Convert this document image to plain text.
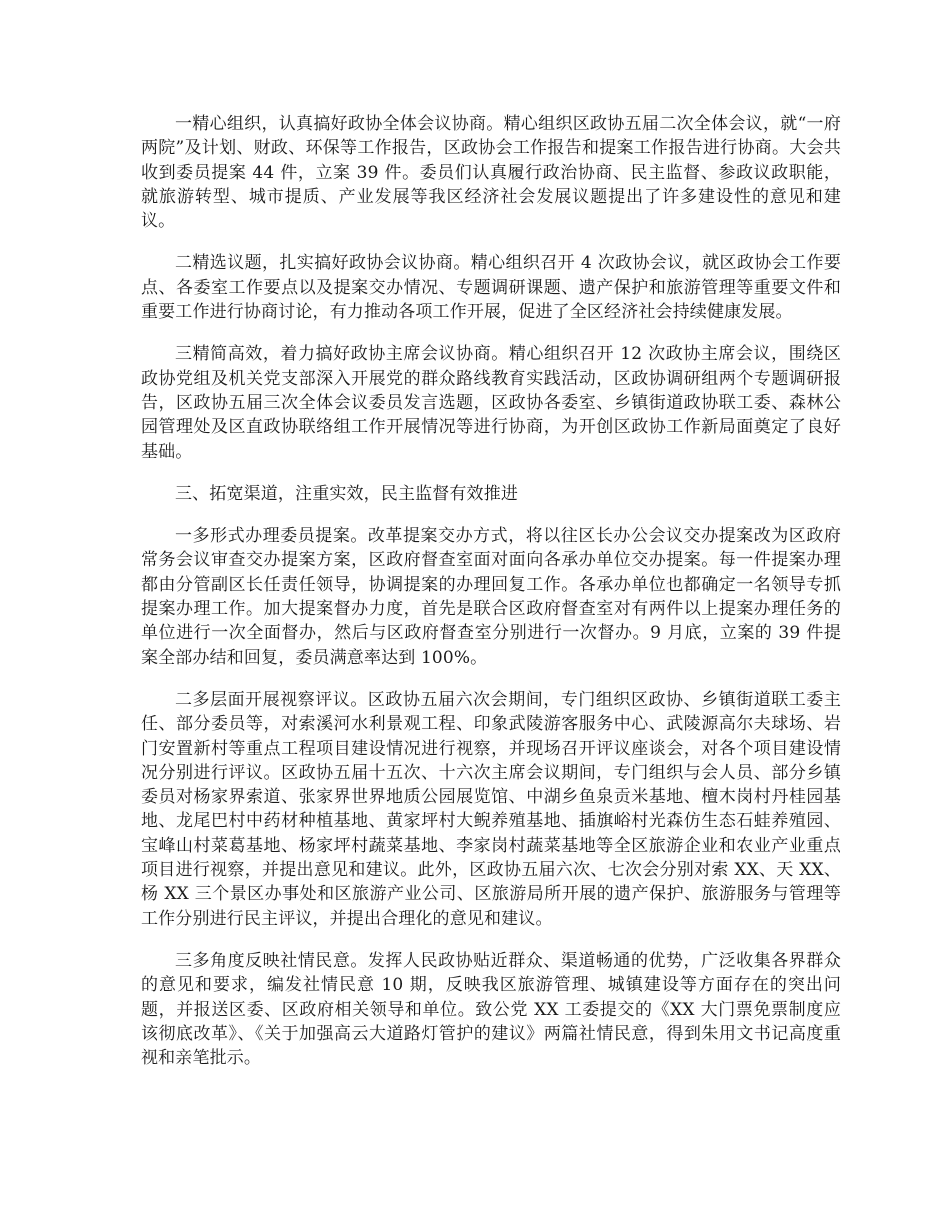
一精心组织，认真搞好政协全体会议协商。精心组织区政协五届二次全体会议，就“一府两院”及计划、财政、环保等工作报告，区政协会工作报告和提案工作报告进行协商。大会共收到委员提案 44 件，立案 39 件。委员们认真履行政治协商、民主监督、参政议政职能，就旅游转型、城市提质、产业发展等我区经济社会发展议题提出了许多建设性的意见和建议。

二精选议题，扎实搞好政协会议协商。精心组织召开 4 次政协会议，就区政协会工作要点、各委室工作要点以及提案交办情况、专题调研课题、遗产保护和旅游管理等重要文件和重要工作进行协商讨论，有力推动各项工作开展，促进了全区经济社会持续健康发展。

三精简高效，着力搞好政协主席会议协商。精心组织召开 12 次政协主席会议，围绕区政协党组及机关党支部深入开展党的群众路线教育实践活动，区政协调研组两个专题调研报告，区政协五届三次全体会议委员发言选题，区政协各委室、乡镇街道政协联工委、森林公园管理处及区直政协联络组工作开展情况等进行协商，为开创区政协工作新局面奠定了良好基础。

三、拓宽渠道，注重实效，民主监督有效推进

一多形式办理委员提案。改革提案交办方式，将以往区长办公会议交办提案改为区政府常务会议审查交办提案方案，区政府督查室面对面向各承办单位交办提案。每一件提案办理都由分管副区长任责任领导，协调提案的办理回复工作。各承办单位也都确定一名领导专抓提案办理工作。加大提案督办力度，首先是联合区政府督查室对有两件以上提案办理任务的单位进行一次全面督办，然后与区政府督查室分别进行一次督办。9 月底，立案的 39 件提案全部办结和回复，委员满意率达到 100%。

二多层面开展视察评议。区政协五届六次会期间，专门组织区政协、乡镇街道联工委主任、部分委员等，对索溪河水利景观工程、印象武陵游客服务中心、武陵源高尔夫球场、岩门安置新村等重点工程项目建设情况进行视察，并现场召开评议座谈会，对各个项目建设情况分别进行评议。区政协五届十五次、十六次主席会议期间，专门组织与会人员、部分乡镇委员对杨家界索道、张家界世界地质公园展览馆、中湖乡鱼泉贡米基地、檀木岗村丹桂园基地、龙尾巴村中药材种植基地、黄家坪村大鲵养殖基地、插旗峪村光森仿生态石蛙养殖园、宝峰山村菜葛基地、杨家坪村蔬菜基地、李家岗村蔬菜基地等全区旅游企业和农业产业重点项目进行视察，并提出意见和建议。此外，区政协五届六次、七次会分别对索 XX、天 XX、杨 XX 三个景区办事处和区旅游产业公司、区旅游局所开展的遗产保护、旅游服务与管理等工作分别进行民主评议，并提出合理化的意见和建议。

三多角度反映社情民意。发挥人民政协贴近群众、渠道畅通的优势，广泛收集各界群众的意见和要求，编发社情民意 10 期，反映我区旅游管理、城镇建设等方面存在的突出问题，并报送区委、区政府相关领导和单位。致公党 XX 工委提交的《XX 大门票免票制度应该彻底改革》、《关于加强高云大道路灯管护的建议》两篇社情民意，得到朱用文书记高度重视和亲笔批示。
